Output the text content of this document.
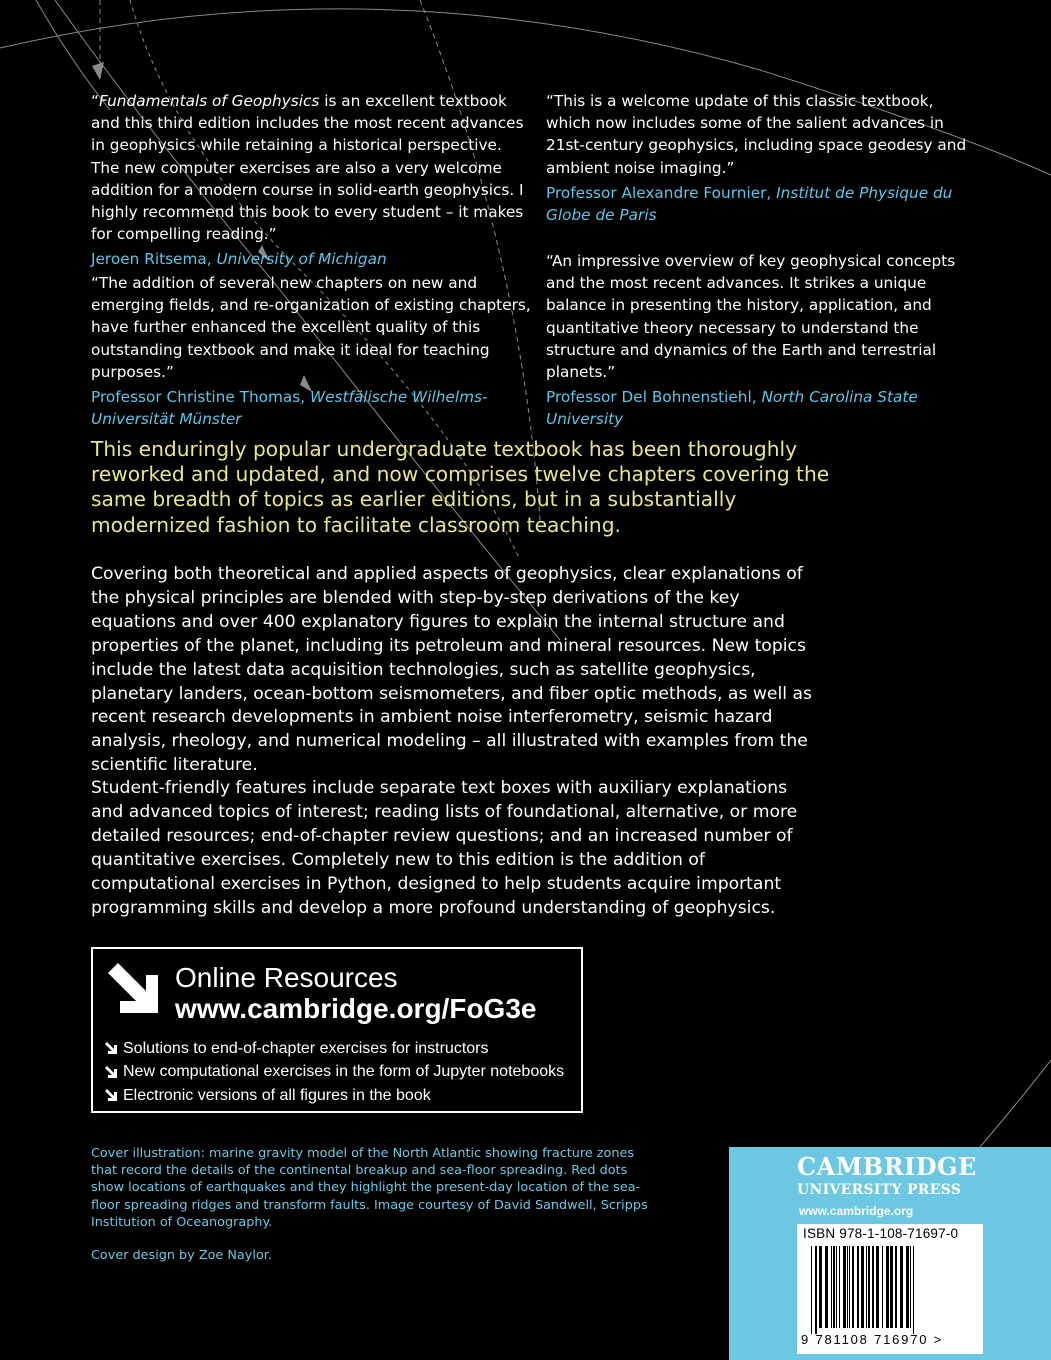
“Fundamentals of Geophysics is an excellent textbook and this third edition includes the most recent advances in geophysics while retaining a historical perspective. The new computer exercises are also a very welcome addition for a modern course in solid-earth geophysics. I highly recommend this book to every student – it makes for compelling reading.”

Jeroen Ritsema, University of Michigan

“This is a welcome update of this classic textbook, which now includes some of the salient advances in 21st-century geophysics, including space geodesy and ambient noise imaging.”

Professor Alexandre Fournier, Institut de Physique du Globe de Paris

“The addition of several new chapters on new and emerging fields, and re-organization of existing chapters, have further enhanced the excellent quality of this outstanding textbook and make it ideal for teaching purposes.”

Professor Christine Thomas, Westfälische Wilhelms-Universität Münster

“An impressive overview of key geophysical concepts and the most recent advances. It strikes a unique balance in presenting the history, application, and quantitative theory necessary to understand the structure and dynamics of the Earth and terrestrial planets.”

Professor Del Bohnenstiehl, North Carolina State University
This enduringly popular undergraduate textbook has been thoroughly reworked and updated, and now comprises twelve chapters covering the same breadth of topics as earlier editions, but in a substantially modernized fashion to facilitate classroom teaching.
Covering both theoretical and applied aspects of geophysics, clear explanations of the physical principles are blended with step-by-step derivations of the key equations and over 400 explanatory figures to explain the internal structure and properties of the planet, including its petroleum and mineral resources. New topics include the latest data acquisition technologies, such as satellite geophysics, planetary landers, ocean-bottom seismometers, and fiber optic methods, as well as recent research developments in ambient noise interferometry, seismic hazard analysis, rheology, and numerical modeling – all illustrated with examples from the scientific literature.
Student-friendly features include separate text boxes with auxiliary explanations and advanced topics of interest; reading lists of foundational, alternative, or more detailed resources; end-of-chapter review questions; and an increased number of quantitative exercises. Completely new to this edition is the addition of computational exercises in Python, designed to help students acquire important programming skills and develop a more profound understanding of geophysics.
Online Resources
www.cambridge.org/FoG3e
Solutions to end-of-chapter exercises for instructors
New computational exercises in the form of Jupyter notebooks
Electronic versions of all figures in the book
Cover illustration: marine gravity model of the North Atlantic showing fracture zones that record the details of the continental breakup and sea-floor spreading. Red dots show locations of earthquakes and they highlight the present-day location of the sea-floor spreading ridges and transform faults. Image courtesy of David Sandwell, Scripps Institution of Oceanography.
Cover design by Zoe Naylor.
CAMBRIDGE
UNIVERSITY PRESS
www.cambridge.org
ISBN 978-1-108-71697-0
9 781108 716970 >
